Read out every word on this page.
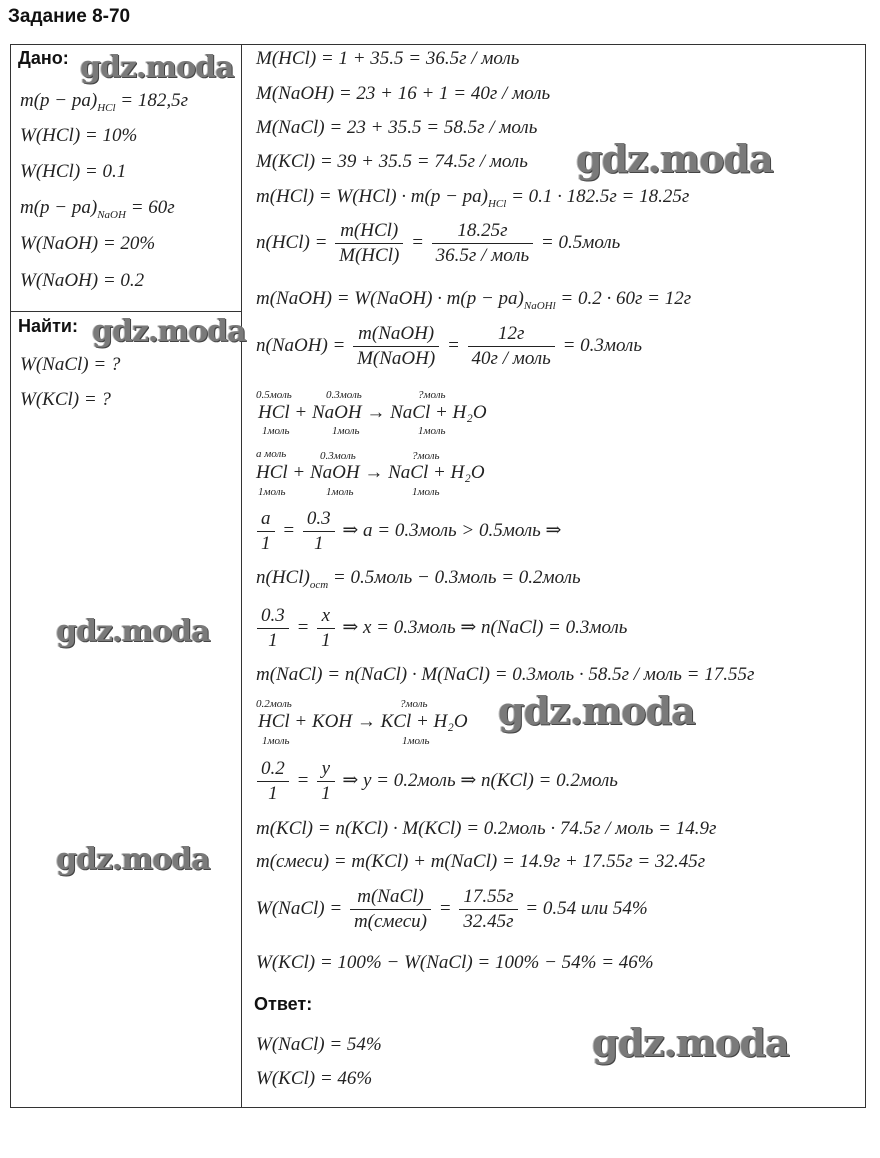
Задание 8-70
Дано:
$m(р - ра)_{HCl} = 182,5г$
W(HCl) = 10%
W(HCl) = 0.1
$m(р - ра)_{NaOH} = 60г$
W(NaOH) = 20%
W(NaOH) = 0.2
Найти:
W(NaCl) = ?
W(KCl) = ?
M(HCl) = 1 + 35.5 = 36.5г / моль
M(NaOH) = 23 + 16 + 1 = 40г / моль
M(NaCl) = 23 + 35.5 = 58.5г / моль
M(KCl) = 39 + 35.5 = 74.5г / моль
$m(HCl) = W(HCl) \cdot m(p - pa)_{HCl} = 0.1 \cdot 182.5г = 18.25г$
$n(HCl) = \frac{\text{m(HCl)}}{\text{M(HCl)}} = \frac{18.25г}{\text{36.5г / моль}}$ = 0.5моль
m(NaOH) = W(NaOH) · $m(p - pa)_{NaOHl} = 0.2 \cdot 60г = 12г$
n(NaOH) = $\frac{\text{m(NaOH)}}{\text{M(NaOH)}} = \frac{12г}{\text{40г / моль}}$ = 0.3моль
0.5моль	0.3моль	?моль
HCl + NaOH → NaCl + H₂O
1моль	1моль	1моль
a моль	0.3моль	?моль
HCl + NaOH → NaCl + H₂O
1моль	1моль	1моль
$\frac{a}{1} = \frac{0.3}{1}$ ⇒ a = 0.3моль > 0.5моль ⇒
$n(HCl)_{ост}$ = 0.5моль − 0.3моль = 0.2моль
$\frac{0.3}{1} = \frac{x}{1}$ ⇒ x = 0.3моль ⇒ n(NaCl) = 0.3моль
m(NaCl) = n(NaCl) · M(NaCl) = 0.3моль · 58.5г / моль = 17.55г
0.2моль	?моль
HCl + KOH → KCl + H₂O
1моль	1моль
$\frac{0.2}{1} = \frac{y}{1}$ ⇒ y = 0.2моль ⇒ n(KCl) = 0.2моль
m(KCl) = n(KCl) · M(KCl) = 0.2моль · 74.5г / моль = 14.9г
m(смеси) = m(KCl) + m(NaCl) = 14.9г + 17.55г = 32.45г
W(NaCl) = $\frac{\text{m(NaCl)}}{\text{m(смеси)}} = \frac{17.55г}{32.45г} = 0.54$ или 54%
W(KCl) = 100% − W(NaCl) = 100% − 54% = 46%
Ответ:
W(NaCl) = 54%
W(KCl) = 46%
gdz.moda
gdz.moda
gdz.moda
gdz.moda
gdz.moda
gdz.moda
gdz.moda
